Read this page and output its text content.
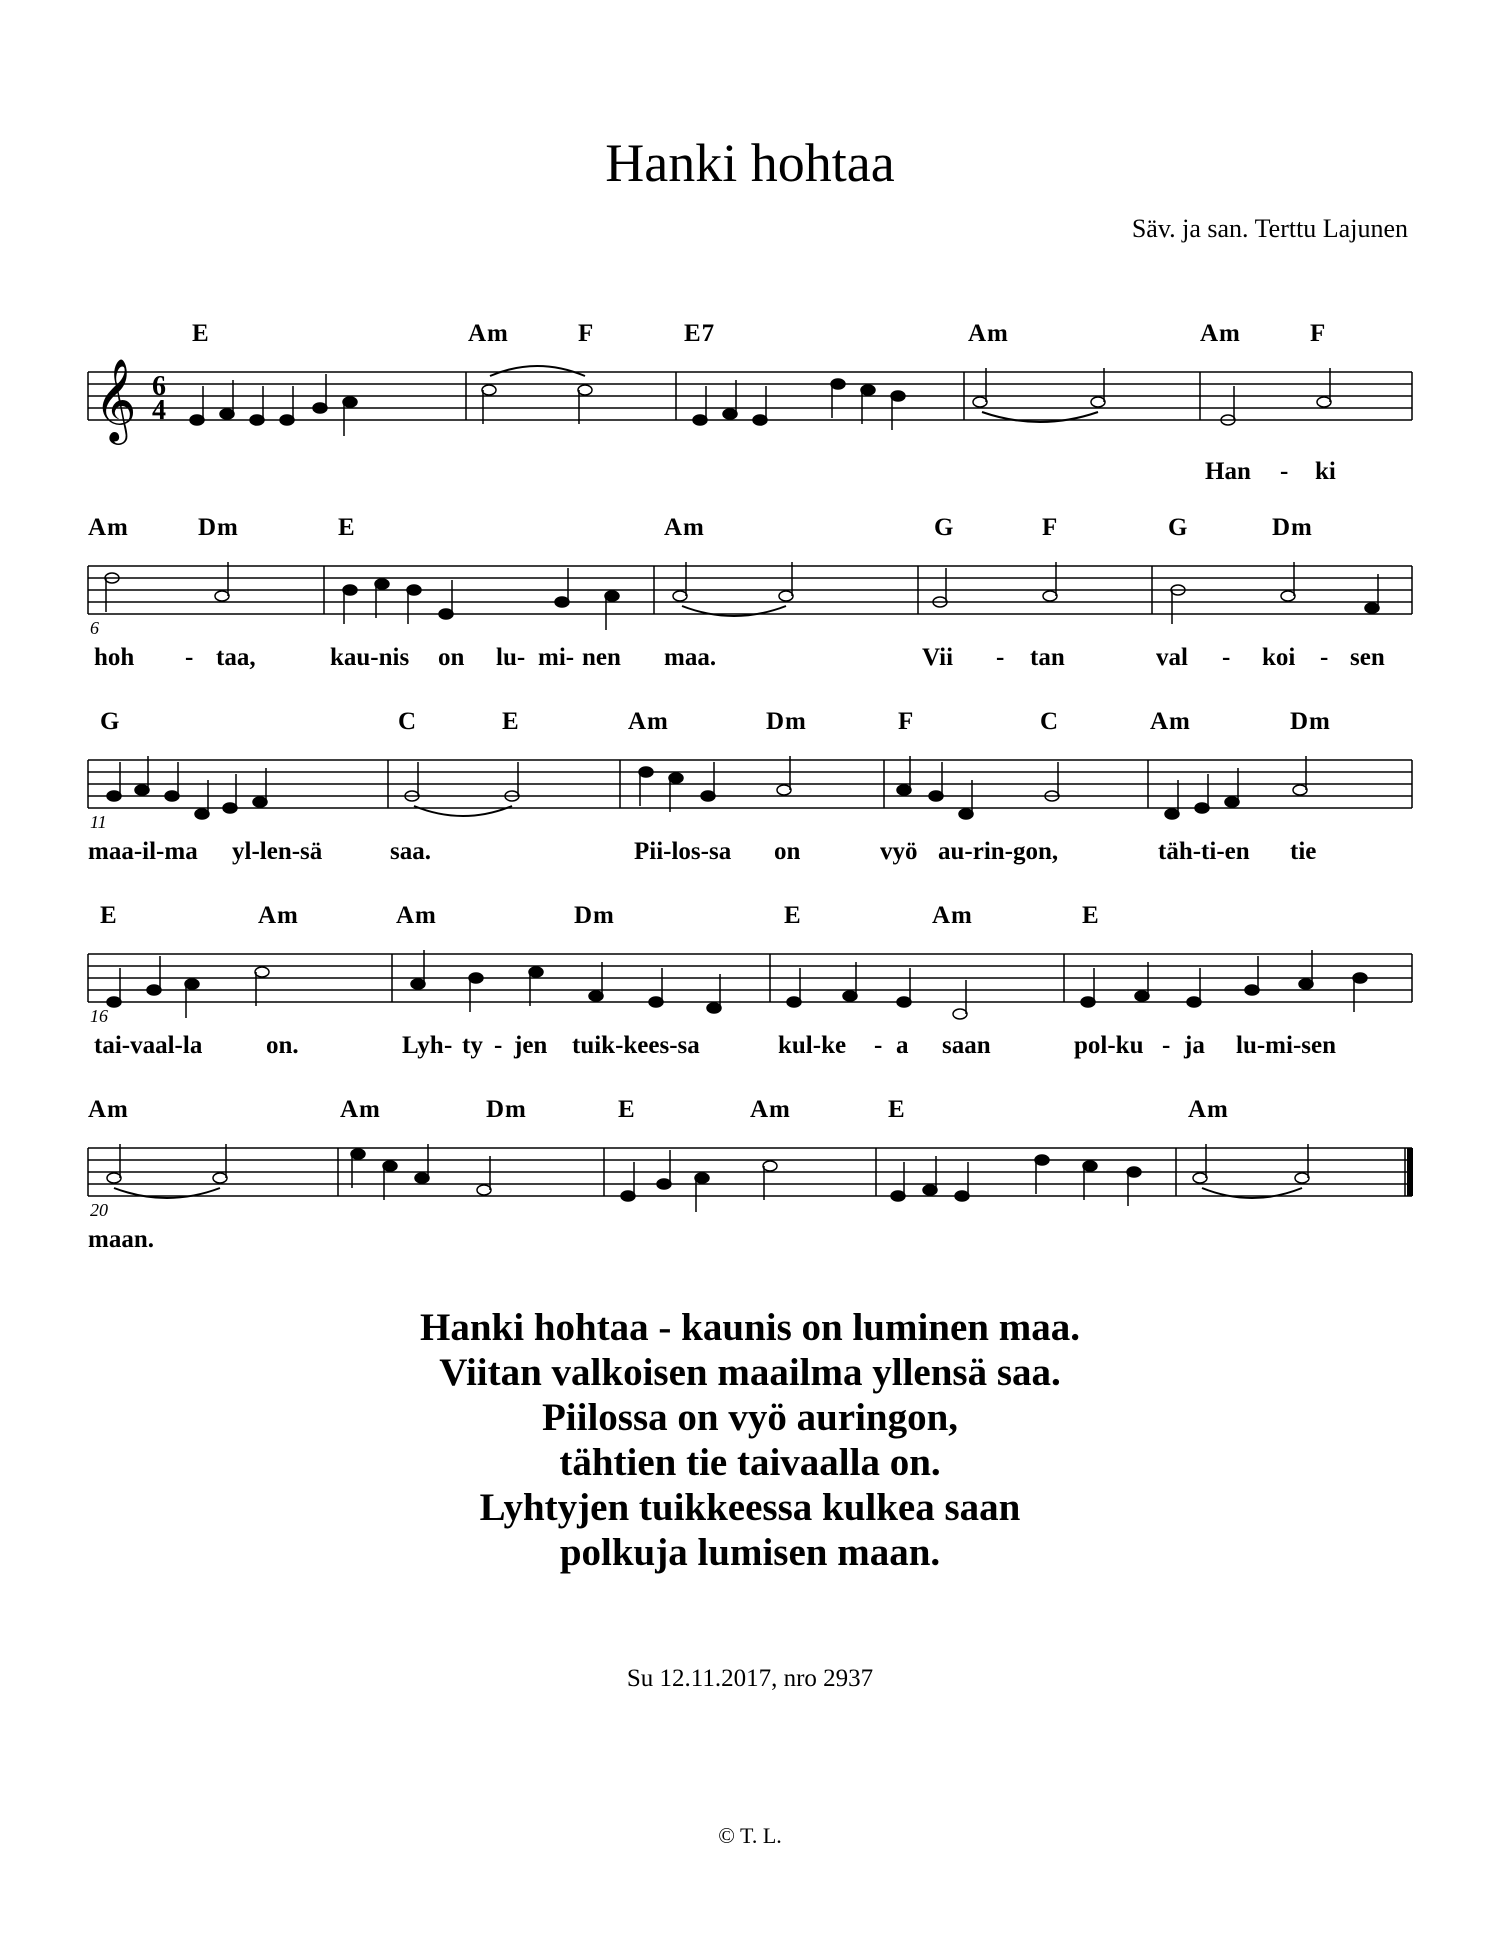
Hanki hohtaa
Säv. ja san. Terttu Lajunen
E	Am	F	E7	Am	Am	F
𝄞 6
4
Han - ki
Am	Dm	E	Am	G	F	G	Dm
6
hoh - taa,	kau-nis on lu- mi- nen maa.	Vii - tan	val - koi - sen
G	C	E	Am	Dm	F	C	Am	Dm
11
maa-il-ma yl-len-sä	saa.	Pii-los-sa on	vyö au-rin-gon,	täh-ti-en tie
E	Am	Am	Dm	E	Am	E
16
tai-vaal-la	on.	Lyh - ty - jen tuik-kees-sa	kul-ke - a saan	pol-ku - ja lu-mi-sen
Am	Am	Dm	E	Am	E	Am
20
maan.
Hanki hohtaa - kaunis on luminen maa.
Viitan valkoisen maailma yllensä saa.
Piilossa on vyö auringon,
tähtien tie taivaalla on.
Lyhtyjen tuikkeessa kulkea saan
polkuja lumisen maan.
Su 12.11.2017, nro 2937
© T. L.
